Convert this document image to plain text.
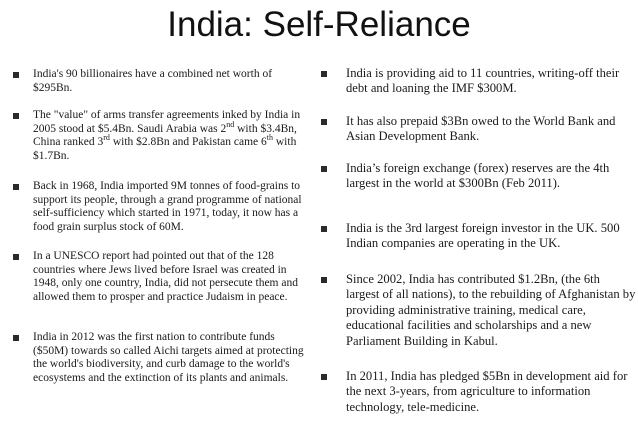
India: Self-Reliance
India's 90 billionaires have a combined net worth of $295Bn.
The "value" of arms transfer agreements inked by India in 2005 stood at $5.4Bn. Saudi Arabia was 2nd with $3.4Bn, China ranked 3rd with $2.8Bn and Pakistan came 6th with $1.7Bn.
Back in 1968, India imported 9M tonnes of food-grains to support its people, through a grand programme of national self-sufficiency which started in 1971, today, it now has a food grain surplus stock of 60M.
In a UNESCO report had pointed out that of the 128 countries where Jews lived before Israel was created in 1948, only one country, India, did not persecute them and allowed them to prosper and practice Judaism in peace.
India in 2012 was the first nation to contribute funds ($50M) towards so called Aichi targets aimed at protecting the world's biodiversity, and curb damage to the world's ecosystems and the extinction of its plants and animals.
India is providing aid to 11 countries, writing-off their debt and loaning the IMF $300M.
It has also prepaid $3Bn owed to the World Bank and Asian Development Bank.
India’s foreign exchange (forex) reserves are the 4th largest in the world at $300Bn (Feb 2011).
India is the 3rd largest foreign investor in the UK. 500 Indian companies are operating in the UK.
Since 2002, India has contributed $1.2Bn, (the 6th largest of all nations), to the rebuilding of Afghanistan by providing administrative training, medical care, educational facilities and scholarships and a new Parliament Building in Kabul.
In 2011, India has pledged $5Bn in development aid for the next 3-years, from agriculture to information technology, tele-medicine.
